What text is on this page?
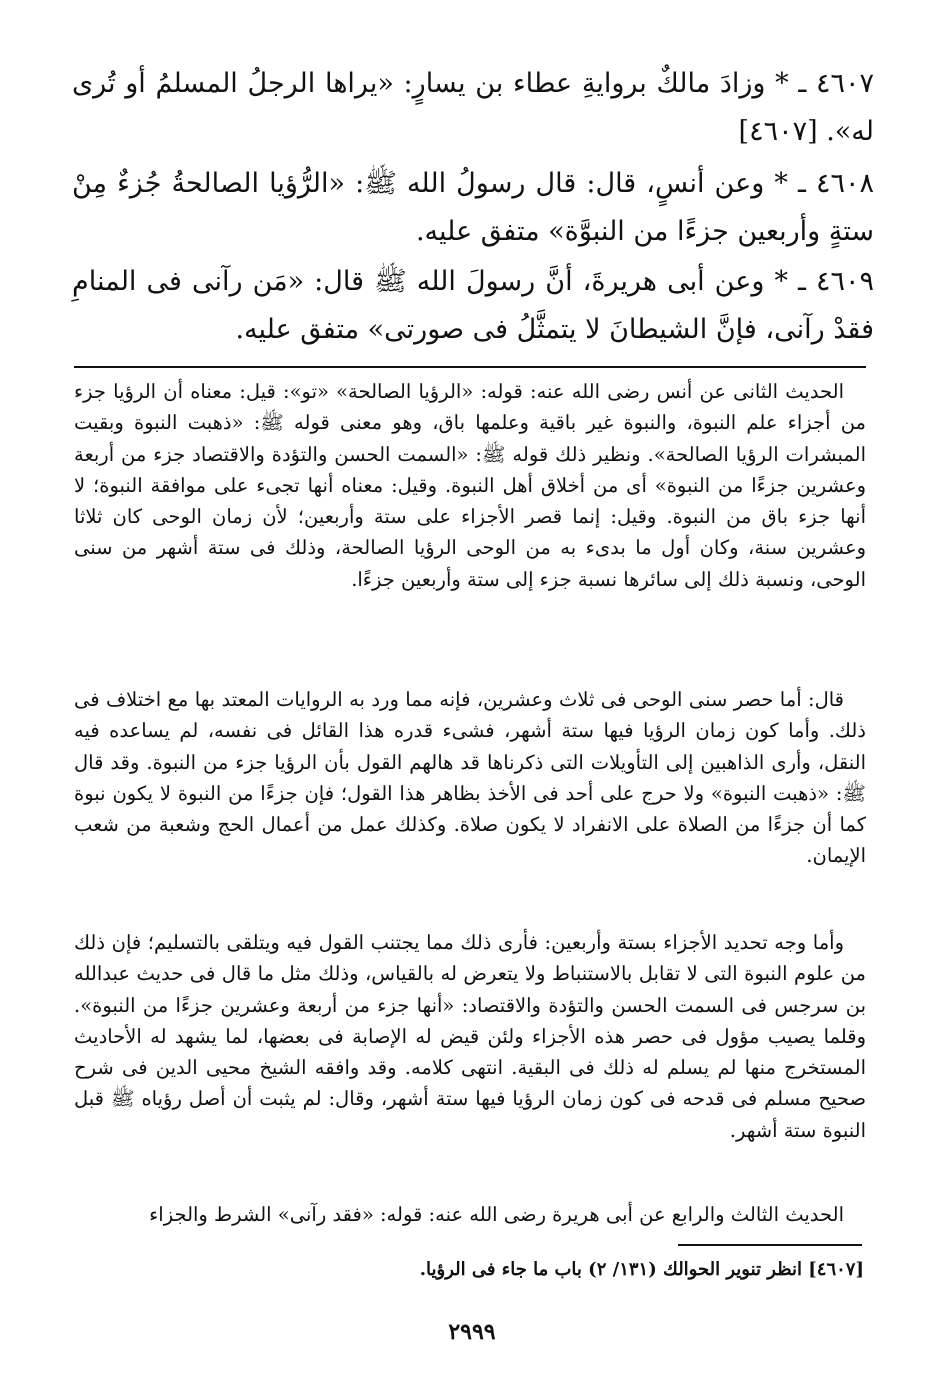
٤٦٠٧ ـ * وزادَ مالكٌ بروايةِ عطاء بن يسارٍ: «يراها الرجلُ المسلمُ أو تُرى له». [٤٦٠٧]

٤٦٠٨ ـ * وعن أنسٍ، قال: قال رسولُ الله ﷺ: «الرُّؤيا الصالحةُ جُزءٌ مِنْ ستةٍ وأربعين جزءًا من النبوَّة» متفق عليه.

٤٦٠٩ ـ * وعن أبى هريرةَ، أنَّ رسولَ الله ﷺ قال: «مَن رآنى فى المنامِ فقدْ رآنى، فإنَّ الشيطانَ لا يتمثَّلُ فى صورتى» متفق عليه.

الحديث الثانى عن أنس رضى الله عنه: قوله: «الرؤيا الصالحة» «تو»: قيل: معناه أن الرؤيا جزء من أجزاء علم النبوة، والنبوة غير باقية وعلمها باق، وهو معنى قوله ﷺ: «ذهبت النبوة وبقيت المبشرات الرؤيا الصالحة». ونظير ذلك قوله ﷺ: «السمت الحسن والتؤدة والاقتصاد جزء من أربعة وعشرين جزءًا من النبوة» أى من أخلاق أهل النبوة. وقيل: معناه أنها تجىء على موافقة النبوة؛ لا أنها جزء باق من النبوة. وقيل: إنما قصر الأجزاء على ستة وأربعين؛ لأن زمان الوحى كان ثلاثا وعشرين سنة، وكان أول ما بدىء به من الوحى الرؤيا الصالحة، وذلك فى ستة أشهر من سنى الوحى، ونسبة ذلك إلى سائرها نسبة جزء إلى ستة وأربعين جزءًا.

قال: أما حصر سنى الوحى فى ثلاث وعشرين، فإنه مما ورد به الروايات المعتد بها مع اختلاف فى ذلك. وأما كون زمان الرؤيا فيها ستة أشهر، فشىء قدره هذا القائل فى نفسه، لم يساعده فيه النقل، وأرى الذاهبين إلى التأويلات التى ذكرناها قد هالهم القول بأن الرؤيا جزء من النبوة. وقد قال ﷺ: «ذهبت النبوة» ولا حرج على أحد فى الأخذ بظاهر هذا القول؛ فإن جزءًا من النبوة لا يكون نبوة كما أن جزءًا من الصلاة على الانفراد لا يكون صلاة. وكذلك عمل من أعمال الحج وشعبة من شعب الإيمان.

وأما وجه تحديد الأجزاء بستة وأربعين: فأرى ذلك مما يجتنب القول فيه ويتلقى بالتسليم؛ فإن ذلك من علوم النبوة التى لا تقابل بالاستنباط ولا يتعرض له بالقياس، وذلك مثل ما قال فى حديث عبدالله بن سرجس فى السمت الحسن والتؤدة والاقتصاد: «أنها جزء من أربعة وعشرين جزءًا من النبوة». وقلما يصيب مؤول فى حصر هذه الأجزاء ولئن قيض له الإصابة فى بعضها، لما يشهد له الأحاديث المستخرج منها لم يسلم له ذلك فى البقية. انتهى كلامه. وقد وافقه الشيخ محيى الدين فى شرح صحيح مسلم فى قدحه فى كون زمان الرؤيا فيها ستة أشهر، وقال: لم يثبت أن أصل رؤياه ﷺ قبل النبوة ستة أشهر.

الحديث الثالث والرابع عن أبى هريرة رضى الله عنه: قوله: «فقد رآنى» الشرط والجزاء

[٤٦٠٧] انظر تنوير الحوالك (١٣١/ ٢) باب ما جاء فى الرؤيا.

٢٩٩٩
